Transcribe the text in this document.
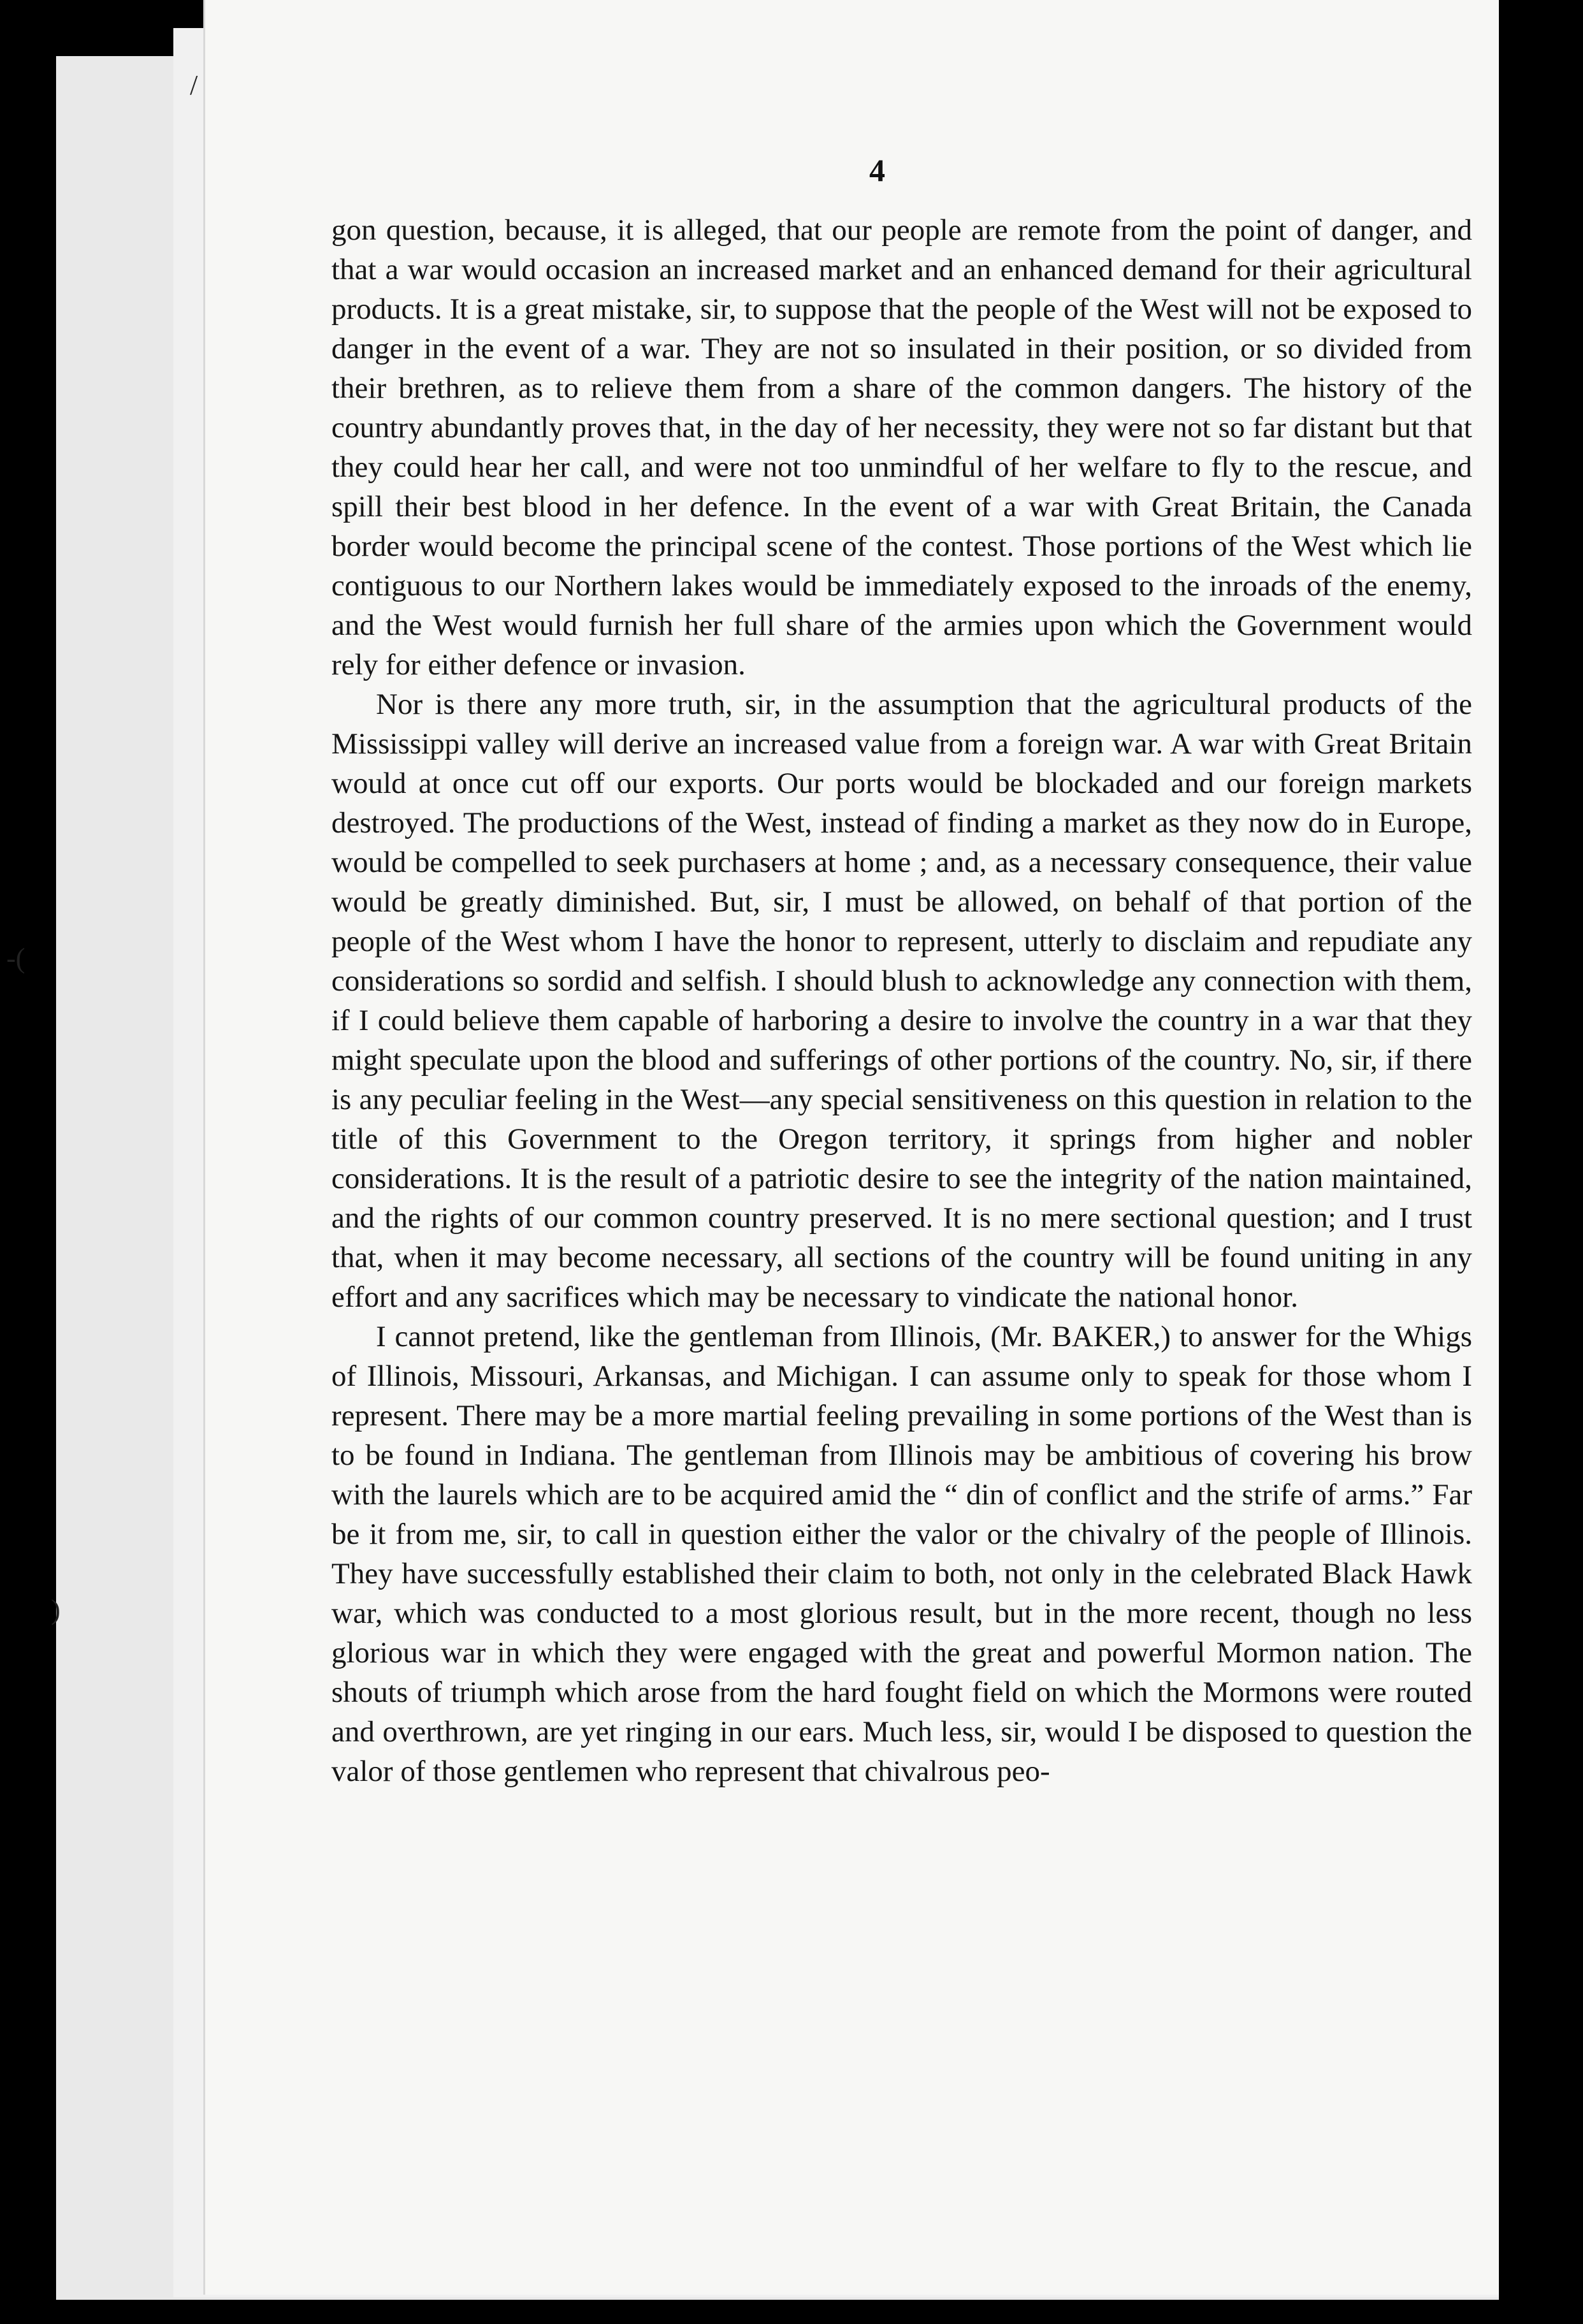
/
-(
)
4

gon question, because, it is alleged, that our people are remote from the point of danger, and that a war would occasion an increased market and an enhanced demand for their agricultural products. It is a great mistake, sir, to suppose that the people of the West will not be exposed to danger in the event of a war. They are not so insulated in their position, or so divided from their brethren, as to relieve them from a share of the common dangers. The history of the country abundantly proves that, in the day of her necessity, they were not so far distant but that they could hear her call, and were not too unmindful of her welfare to fly to the rescue, and spill their best blood in her defence. In the event of a war with Great Britain, the Canada border would become the principal scene of the contest. Those portions of the West which lie contiguous to our Northern lakes would be immediately exposed to the inroads of the enemy, and the West would furnish her full share of the armies upon which the Government would rely for either defence or invasion.

Nor is there any more truth, sir, in the assumption that the agricultural products of the Mississippi valley will derive an increased value from a foreign war. A war with Great Britain would at once cut off our exports. Our ports would be blockaded and our foreign markets destroyed. The productions of the West, instead of finding a market as they now do in Europe, would be compelled to seek purchasers at home ; and, as a necessary consequence, their value would be greatly diminished. But, sir, I must be allowed, on behalf of that portion of the people of the West whom I have the honor to represent, utterly to disclaim and repudiate any considerations so sordid and selfish. I should blush to acknowledge any connection with them, if I could believe them capable of harboring a desire to involve the country in a war that they might speculate upon the blood and sufferings of other portions of the country. No, sir, if there is any peculiar feeling in the West—any special sensitiveness on this question in relation to the title of this Government to the Oregon territory, it springs from higher and nobler considerations. It is the result of a patriotic desire to see the integrity of the nation maintained, and the rights of our common country preserved. It is no mere sectional question; and I trust that, when it may become necessary, all sections of the country will be found uniting in any effort and any sacrifices which may be necessary to vindicate the national honor.

I cannot pretend, like the gentleman from Illinois, (Mr. BAKER,) to answer for the Whigs of Illinois, Missouri, Arkansas, and Michigan. I can assume only to speak for those whom I represent. There may be a more martial feeling prevailing in some portions of the West than is to be found in Indiana. The gentleman from Illinois may be ambitious of covering his brow with the laurels which are to be acquired amid the “ din of conflict and the strife of arms.” Far be it from me, sir, to call in question either the valor or the chivalry of the people of Illinois. They have successfully established their claim to both, not only in the celebrated Black Hawk war, which was conducted to a most glorious result, but in the more recent, though no less glorious war in which they were engaged with the great and powerful Mormon nation. The shouts of triumph which arose from the hard fought field on which the Mormons were routed and overthrown, are yet ringing in our ears. Much less, sir, would I be disposed to question the valor of those gentlemen who represent that chivalrous peo-
